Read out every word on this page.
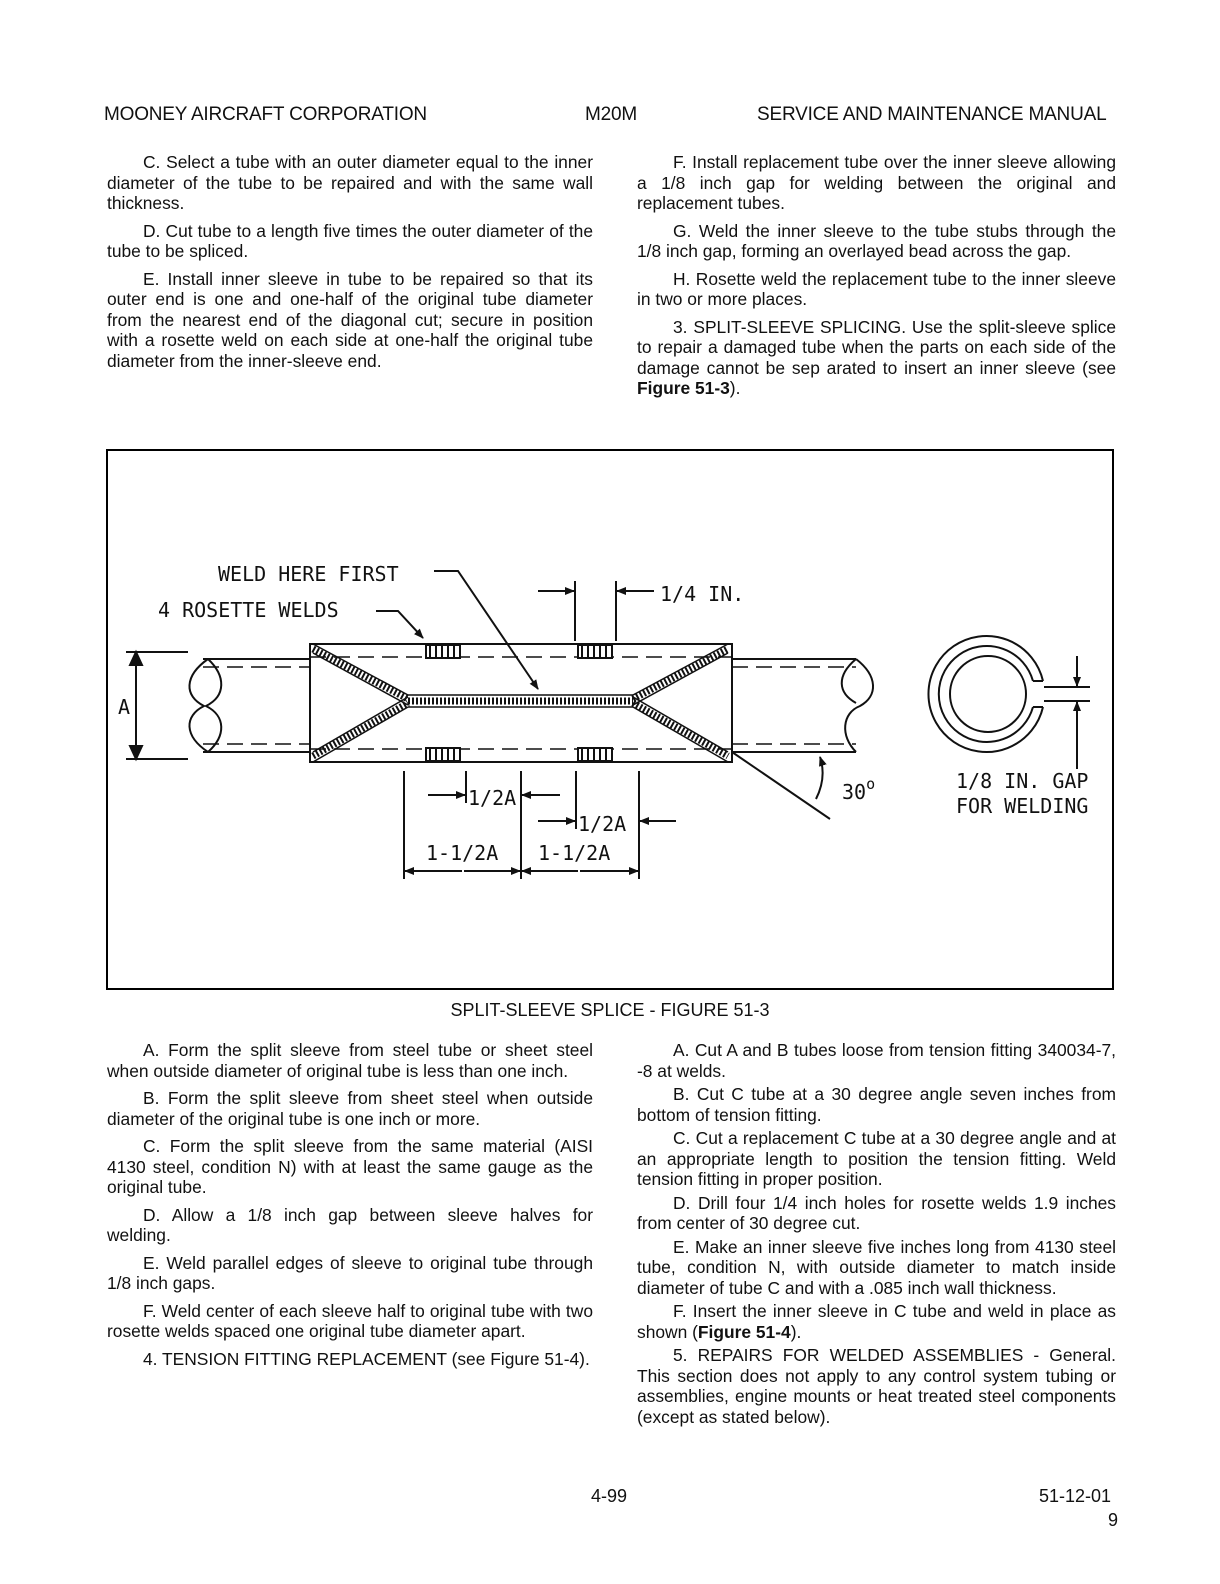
MOONEY AIRCRAFT CORPORATION	M20M	SERVICE AND MAINTENANCE MANUAL

C. Select a tube with an outer diameter equal to the inner diameter of the tube to be repaired and with the same wall thickness.

D. Cut tube to a length five times the outer diameter of the tube to be spliced.

E. Install inner sleeve in tube to be repaired so that its outer end is one and one-half of the original tube diameter from the nearest end of the diagonal cut; secure in position with a rosette weld on each side at one-half the original tube diameter from the inner-sleeve end.

F. Install replacement tube over the inner sleeve allowing a 1/8 inch gap for welding between the original and replacement tubes.

G. Weld the inner sleeve to the tube stubs through the 1/8 inch gap, forming an overlayed bead across the gap.

H. Rosette weld the replacement tube to the inner sleeve in two or more places.

3. SPLIT-SLEEVE SPLICING. Use the split-sleeve splice to repair a damaged tube when the parts on each side of the damage cannot be sep arated to insert an inner sleeve (see Figure 51-3).

A
WELD HERE FIRST
4 ROSETTE WELDS
1/4 IN.
1/2A
1/2A
1-1/2A 1-1/2A
30$^o$	1/8 IN. GAP
FOR WELDING
SPLIT-SLEEVE SPLICE - FIGURE 51-3

A. Form the split sleeve from steel tube or sheet steel when outside diameter of original tube is less than one inch.

B. Form the split sleeve from sheet steel when outside diameter of the original tube is one inch or more.

C. Form the split sleeve from the same material (AISI 4130 steel, condition N) with at least the same gauge as the original tube.

D. Allow a 1/8 inch gap between sleeve halves for welding.

E. Weld parallel edges of sleeve to original tube through 1/8 inch gaps.

F. Weld center of each sleeve half to original tube with two rosette welds spaced one original tube diameter apart.

4. TENSION FITTING REPLACEMENT (see Figure 51-4).

A. Cut A and B tubes loose from tension fitting 340034-7, -8 at welds.

B. Cut C tube at a 30 degree angle seven inches from bottom of tension fitting.

C. Cut a replacement C tube at a 30 degree angle and at an appropriate length to position the tension fitting. Weld tension fitting in proper position.

D. Drill four 1/4 inch holes for rosette welds 1.9 inches from center of 30 degree cut.

E. Make an inner sleeve five inches long from 4130 steel tube, condition N, with outside diameter to match inside diameter of tube C and with a .085 inch wall thickness.

F. Insert the inner sleeve in C tube and weld in place as shown (Figure 51-4).

5. REPAIRS FOR WELDED ASSEMBLIES - General. This section does not apply to any control system tubing or assemblies, engine mounts or heat treated steel components (except as stated below).

4-99	51-12-01
9
